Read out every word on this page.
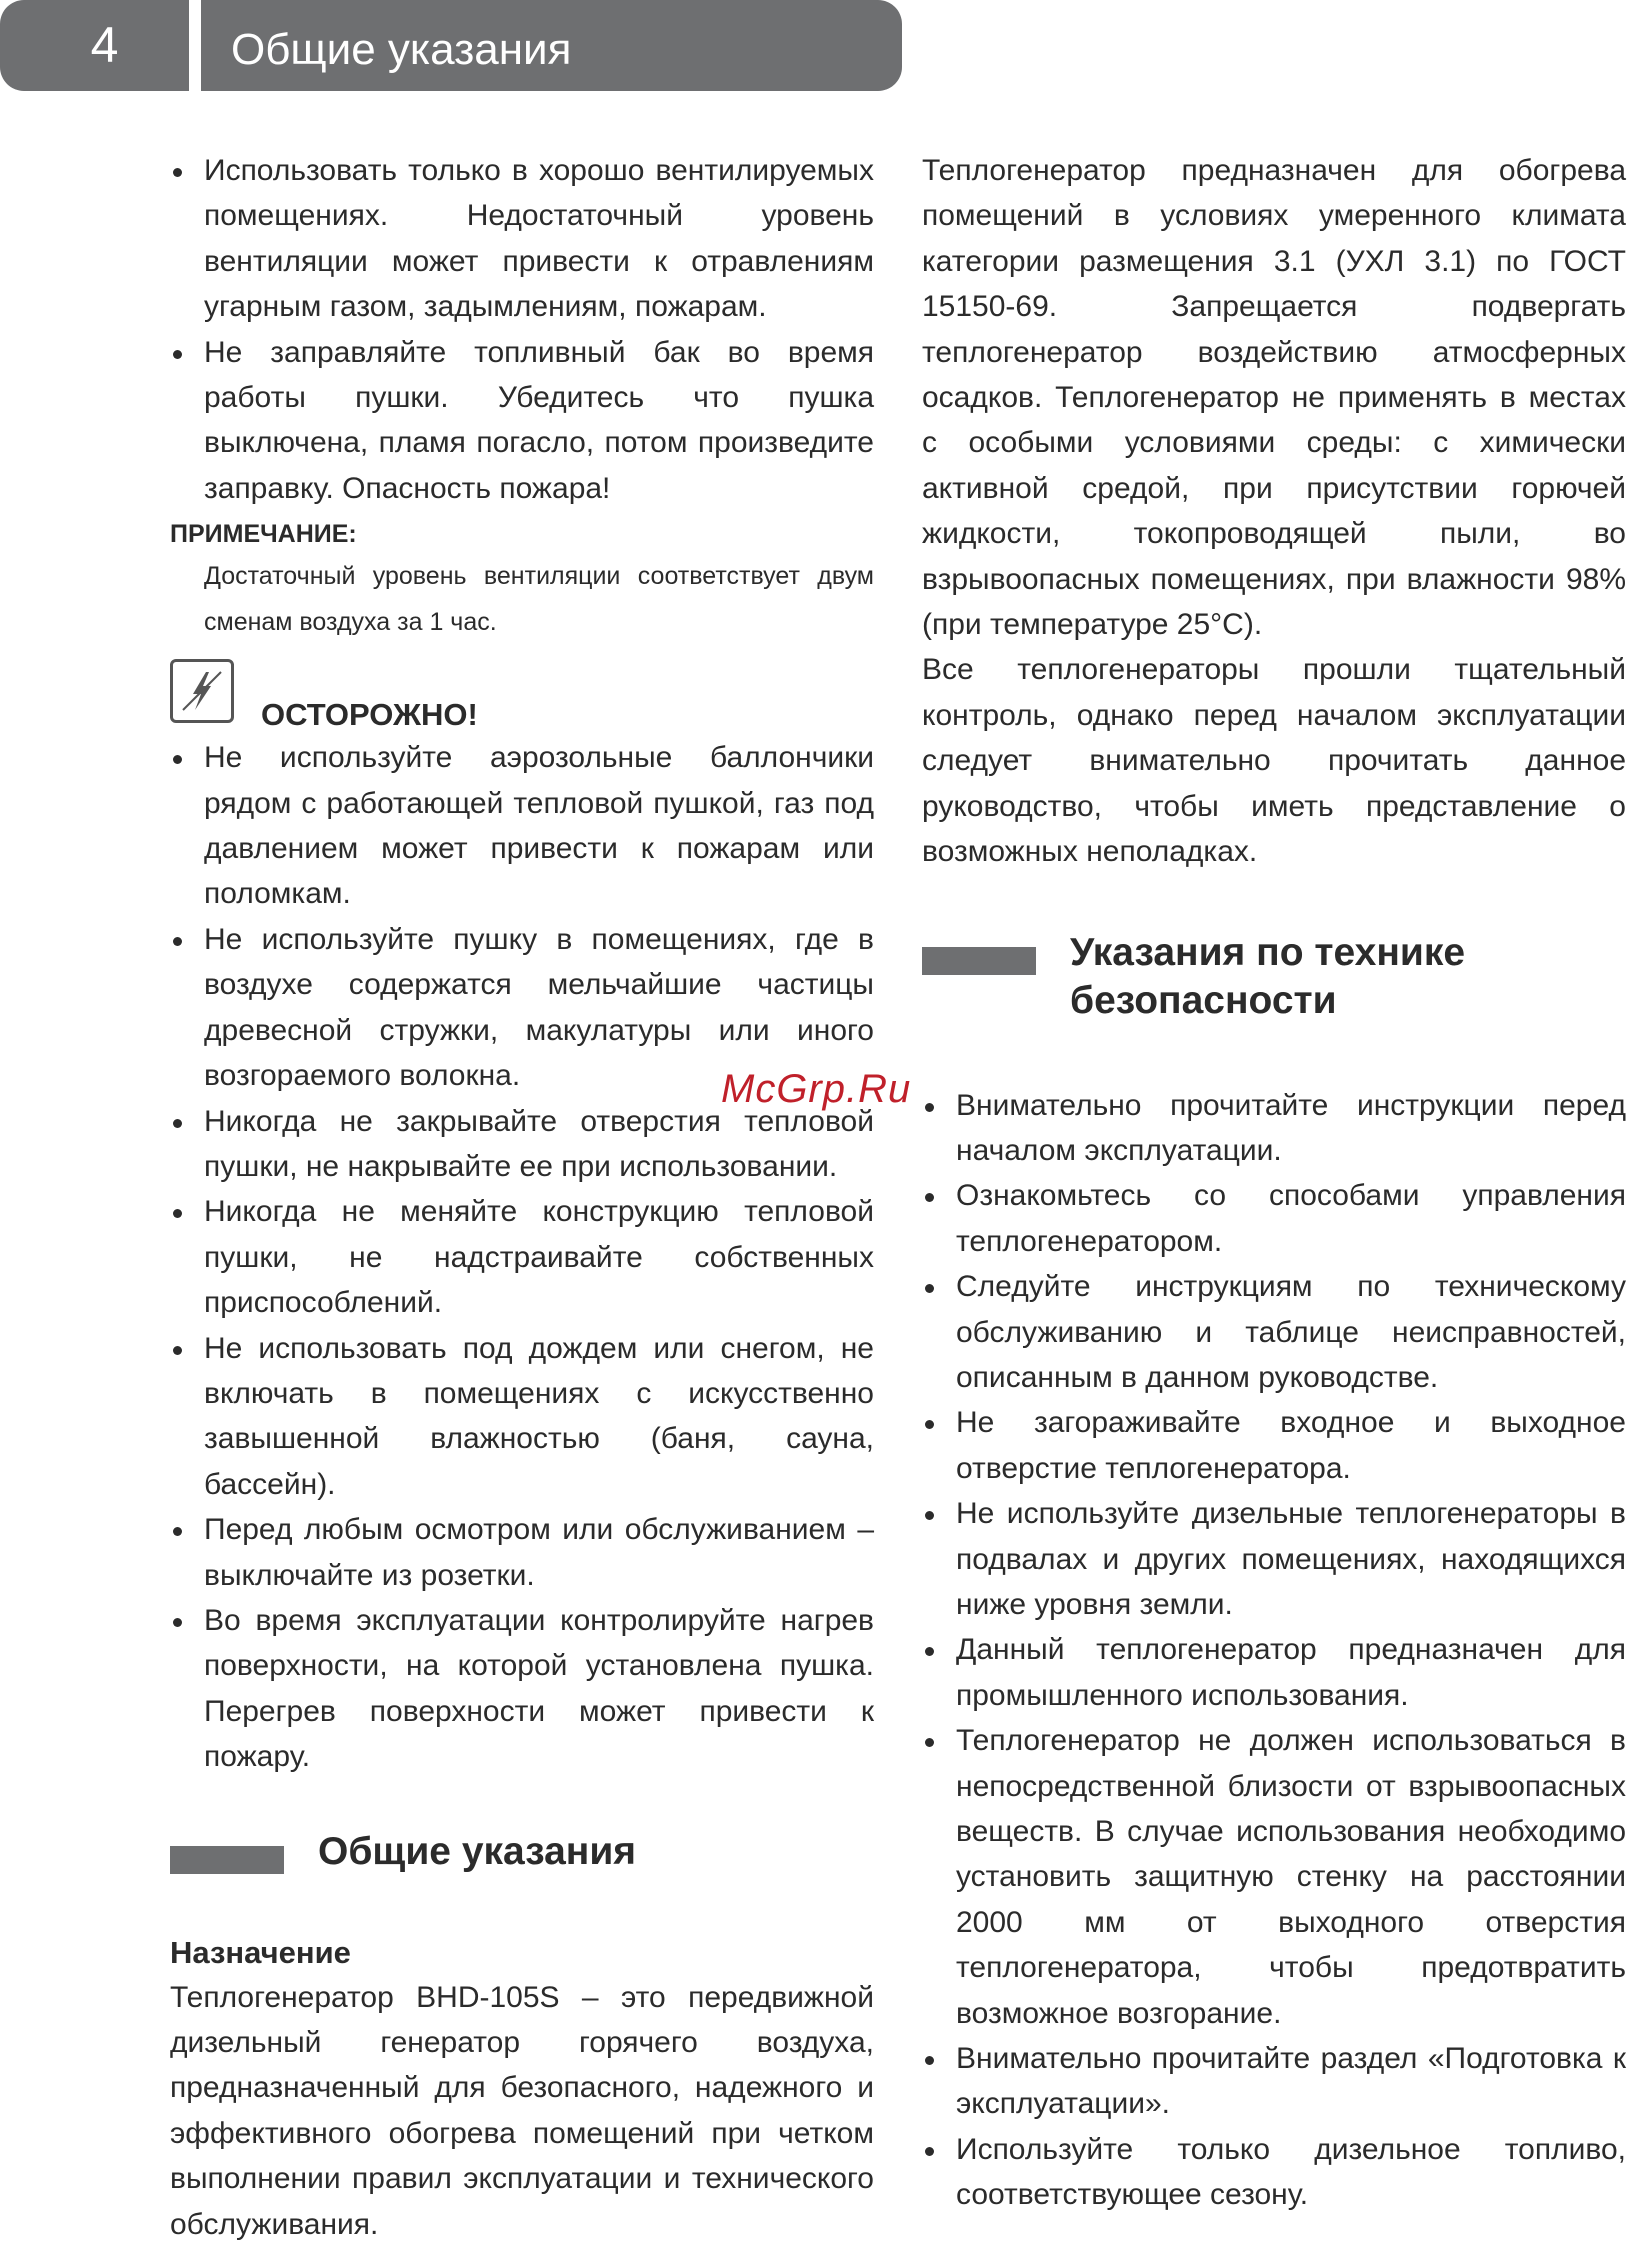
4	Общие указания
Использовать только в хорошо вентилируемых помещениях. Недостаточный уровень вентиляции может привести к отравлениям угарным газом, задымлениям, пожарам.
Не заправляйте топливный бак во время работы пушки. Убедитесь что пушка выключена, пламя погасло, потом произведите заправку. Опасность пожара!
ПРИМЕЧАНИЕ:
Достаточный уровень вентиляции соответствует двум сменам воздуха за 1 час.
ОСТОРОЖНО!
Не используйте аэрозольные баллончики рядом с работающей тепловой пушкой, газ под давлением может привести к пожарам или поломкам.
Не используйте пушку в помещениях, где в воздухе содержатся мельчайшие частицы древесной стружки, макулатуры или иного возгораемого волокна.
Никогда не закрывайте отверстия тепловой пушки, не накрывайте ее при использовании.
Никогда не меняйте конструкцию тепловой пушки, не надстраивайте собственных приспособлений.
Не использовать под дождем или снегом, не включать в помещениях с искусственно завышенной влажностью (баня, сауна, бассейн).
Перед любым осмотром или обслуживанием – выключайте из розетки.
Во время эксплуатации контролируйте нагрев поверхности, на которой установлена пушка. Перегрев поверхности может привести к пожару.
Общие указания
Назначение
Теплогенератор BHD-105S – это передвижной дизельный генератор горячего воздуха, предназначенный для безопасного, надежного и эффективного обогрева помещений при четком выполнении правил эксплуатации и технического обслуживания.
Теплогенератор предназначен для обогрева помещений в условиях умеренного климата категории размещения 3.1 (УХЛ 3.1) по ГОСТ 15150-69. Запрещается подвергать теплогенератор воздействию атмосферных осадков. Теплогенератор не применять в местах с особыми условиями среды: с химически активной средой, при присутствии горючей жидкости, токопроводящей пыли, во взрывоопасных помещениях, при влажности 98% (при температуре 25°C).
Все теплогенераторы прошли тщательный контроль, однако перед началом эксплуатации следует внимательно прочитать данное руководство, чтобы иметь представление о возможных неполадках.
Указания по технике безопасности
Внимательно прочитайте инструкции перед началом эксплуатации.
Ознакомьтесь со способами управления теплогенератором.
Следуйте инструкциям по техническому обслуживанию и таблице неисправностей, описанным в данном руководстве.
Не загораживайте входное и выходное отверстие теплогенератора.
Не используйте дизельные теплогенераторы в подвалах и других помещениях, находящихся ниже уровня земли.
Данный теплогенератор предназначен для промышленного использования.
Теплогенератор не должен использоваться в непосредственной близости от взрывоопасных веществ. В случае использования необходимо установить защитную стенку на расстоянии 2000 мм от выходного отверстия теплогенератора, чтобы предотвратить возможное возгорание.
Внимательно прочитайте раздел «Подготовка к эксплуатации».
Используйте только дизельное топливо, соответствующее сезону.
McGrp.Ru
